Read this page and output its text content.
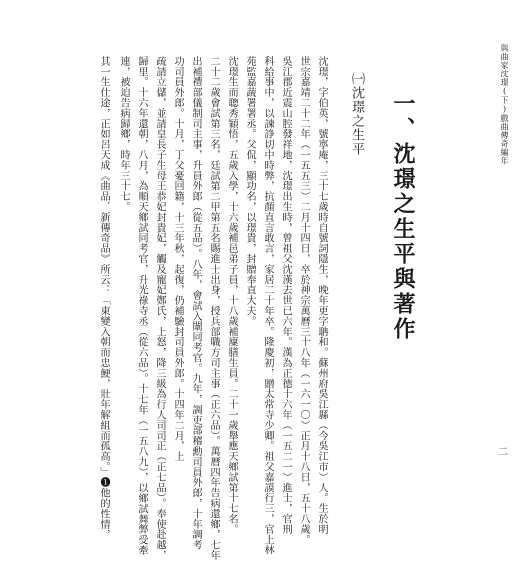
與曲家沈璟(下)戲曲傳奇編年
二
一、沈璟之生平與著作
㈠沈璟之生平
沈璟，字伯英，號寧庵，三十七歲時自號詞隱生，晚年更字聃和。蘇州府吳江縣（今吳江市）人。生於明
世宗嘉靖二十二年（一五五三）二月十四日，卒於神宗萬曆三十八年（一六一〇）正月十八日，五十八歲。
吳江郡近震山腔發祥地，沈璟出生時，曾祖父沈漢去世已六年。漢為正德十六年（一五二一）進士，官刑
科給事中，以諫諍切中時弊，抗顏直言敢言，家居二十年卒。隆慶初，贈太常寺少卿。祖父嘉謨行三，官上林
苑監嘉蔬署署丞。父侃，顯功名，以璟貴，封贈奉直大夫。
沈璟生而聰秀穎悟，五歲入學，十六歲補邑弟子員，十八歲補廩膳生員。二十一歲舉應天鄉試第十七名。
二十二歲會試第三名，廷試第二甲第五名賜進士出身，授兵部職方司主事（正六品）。萬曆四年告病還鄉，七年
出補禮部儀制司主事，升員外郎（從五品）。八年，會試入闈同考官。九年，調吏部稽勳司員外郎，十年調考
功司員外郎。十月，丁父憂回籍，十三年秋，起復，仍補驗封司員外郎。十四年二月，上
疏請立儲，並請皇長子生母王恭妃封貴妃，觸及寵妃鄭氏，上怒，降三級為行人司司正（正七品）。奉使赴越，
歸里。十六年還朝，八月，為順天鄉試同考官，升光祿寺丞（從六品）。十七年（一五八九），以鄉試舞弊受牽
連，被迫告病歸鄉，時年三十七。
其一生仕途，正如呂天成《曲品．新傳奇品》所云：「東變入朝而忠鯁，壯年解組而孤高。」❶他的性情，
